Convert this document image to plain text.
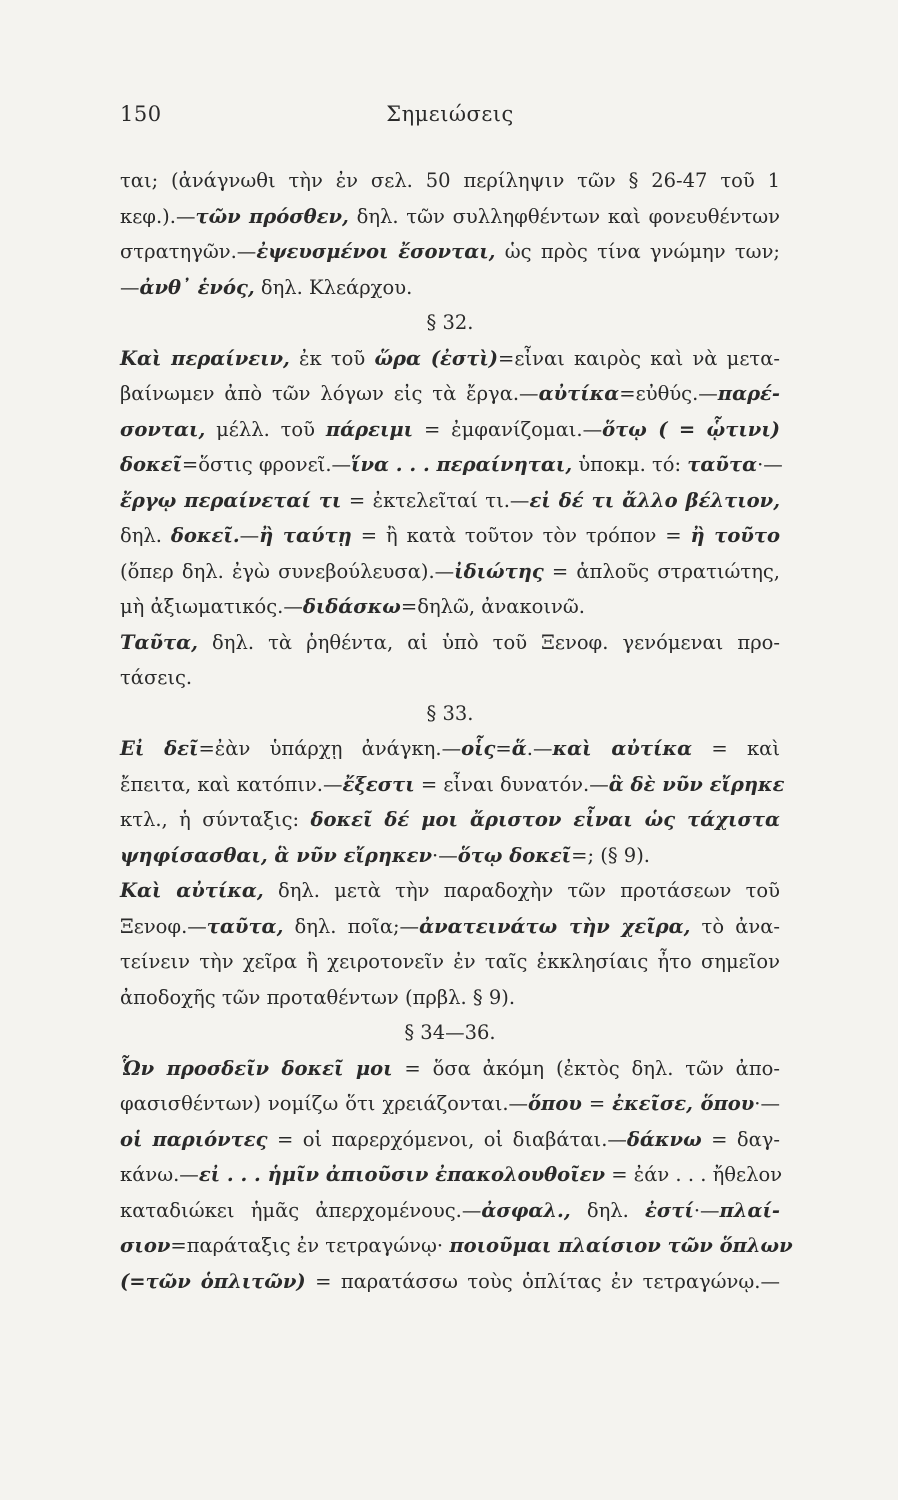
150	Σημειώσεις
ται; (ἀνάγνωθι τὴν ἐν σελ. 50 περίληψιν τῶν § 26-47 τοῦ 1
κεφ.).—τῶν πρόσθεν, δηλ. τῶν συλληφθέντων καὶ φονευθέντων
στρατηγῶν.—ἐψευσμένοι ἔσονται, ὡς πρὸς τίνα γνώμην των;
—ἀνθ᾽ ἑνός, δηλ. Κλεάρχου.
§ 32.
Καὶ περαίνειν, ἐκ τοῦ ὥρα (ἐστὶ)=εἶναι καιρὸς καὶ νὰ μετα-
βαίνωμεν ἀπὸ τῶν λόγων εἰς τὰ ἔργα.—αὐτίκα=εὐθύς.—παρέ-
σονται, μέλλ. τοῦ πάρειμι = ἐμφανίζομαι.—ὅτῳ ( = ᾧτινι)
δοκεῖ=ὅστις φρονεῖ.—ἵνα . . . περαίνηται, ὑποκμ. τό: ταῦτα·—
ἔργῳ περαίνεταί τι = ἐκτελεῖταί τι.—εἰ δέ τι ἄλλο βέλτιον,
δηλ. δοκεῖ.—ἢ ταύτῃ = ἢ κατὰ τοῦτον τὸν τρόπον = ἢ τοῦτο
(ὅπερ δηλ. ἐγὼ συνεβούλευσα).—ἰδιώτης = ἁπλοῦς στρατιώτης,
μὴ ἀξιωματικός.—διδάσκω=δηλῶ, ἀνακοινῶ.
Ταῦτα, δηλ. τὰ ῥηθέντα, αἱ ὑπὸ τοῦ Ξενοφ. γενόμεναι προ-
τάσεις.
§ 33.
Εἰ δεῖ=ἐὰν ὑπάρχῃ ἀνάγκη.—οἷς=ἅ.—καὶ αὐτίκα = καὶ
ἔπειτα, καὶ κατόπιν.—ἔξεστι = εἶναι δυνατόν.—ἃ δὲ νῦν εἴρηκε
κτλ., ἡ σύνταξις: δοκεῖ δέ μοι ἄριστον εἶναι ὡς τάχιστα
ψηφίσασθαι, ἃ νῦν εἴρηκεν·—ὅτῳ δοκεῖ=; (§ 9).
Καὶ αὐτίκα, δηλ. μετὰ τὴν παραδοχὴν τῶν προτάσεων τοῦ
Ξενοφ.—ταῦτα, δηλ. ποῖα;—ἀνατεινάτω τὴν χεῖρα, τὸ ἀνα-
τείνειν τὴν χεῖρα ἢ χειροτονεῖν ἐν ταῖς ἐκκλησίαις ἦτο σημεῖον
ἀποδοχῆς τῶν προταθέντων (πρβλ. § 9).
§ 34—36.
Ὧν προσδεῖν δοκεῖ μοι = ὅσα ἀκόμη (ἐκτὸς δηλ. τῶν ἀπο-
φασισθέντων) νομίζω ὅτι χρειάζονται.—ὅπου = ἐκεῖσε, ὅπου·—
οἱ παριόντες = οἱ παρερχόμενοι, οἱ διαβάται.—δάκνω = δαγ-
κάνω.—εἰ . . . ἡμῖν ἀπιοῦσιν ἐπακολουθοῖεν = ἐάν . . . ἤθελον
καταδιώκει ἡμᾶς ἀπερχομένους.—ἀσφαλ., δηλ. ἐστί·—πλαί-
σιον=παράταξις ἐν τετραγώνῳ· ποιοῦμαι πλαίσιον τῶν ὅπλων
(=τῶν ὁπλιτῶν) = παρατάσσω τοὺς ὁπλίτας ἐν τετραγώνῳ.—
